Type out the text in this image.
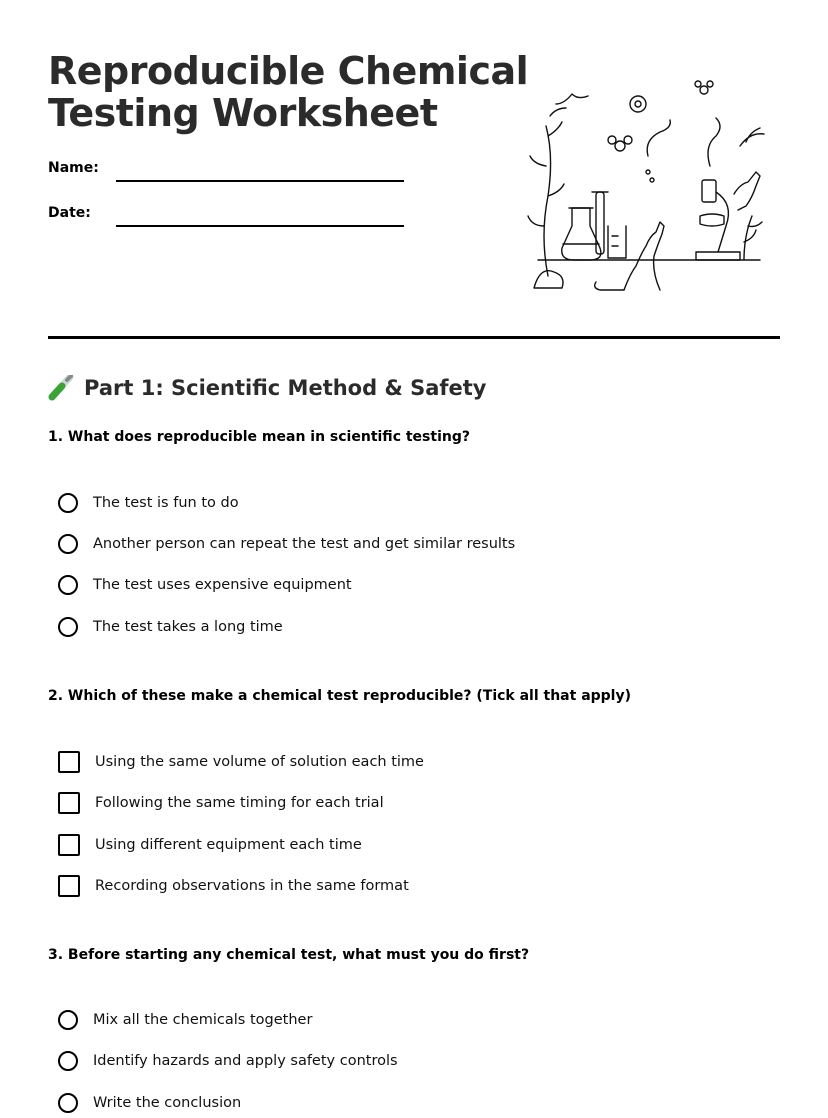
Reproducible Chemical
Testing Worksheet
Name:
Date:
Part 1: Scientific Method & Safety

1. What does reproducible mean in scientific testing?

The test is fun to do
Another person can repeat the test and get similar results
The test uses expensive equipment
The test takes a long time

2. Which of these make a chemical test reproducible? (Tick all that apply)

Using the same volume of solution each time
Following the same timing for each trial
Using different equipment each time
Recording observations in the same format

3. Before starting any chemical test, what must you do first?

Mix all the chemicals together
Identify hazards and apply safety controls
Write the conclusion
